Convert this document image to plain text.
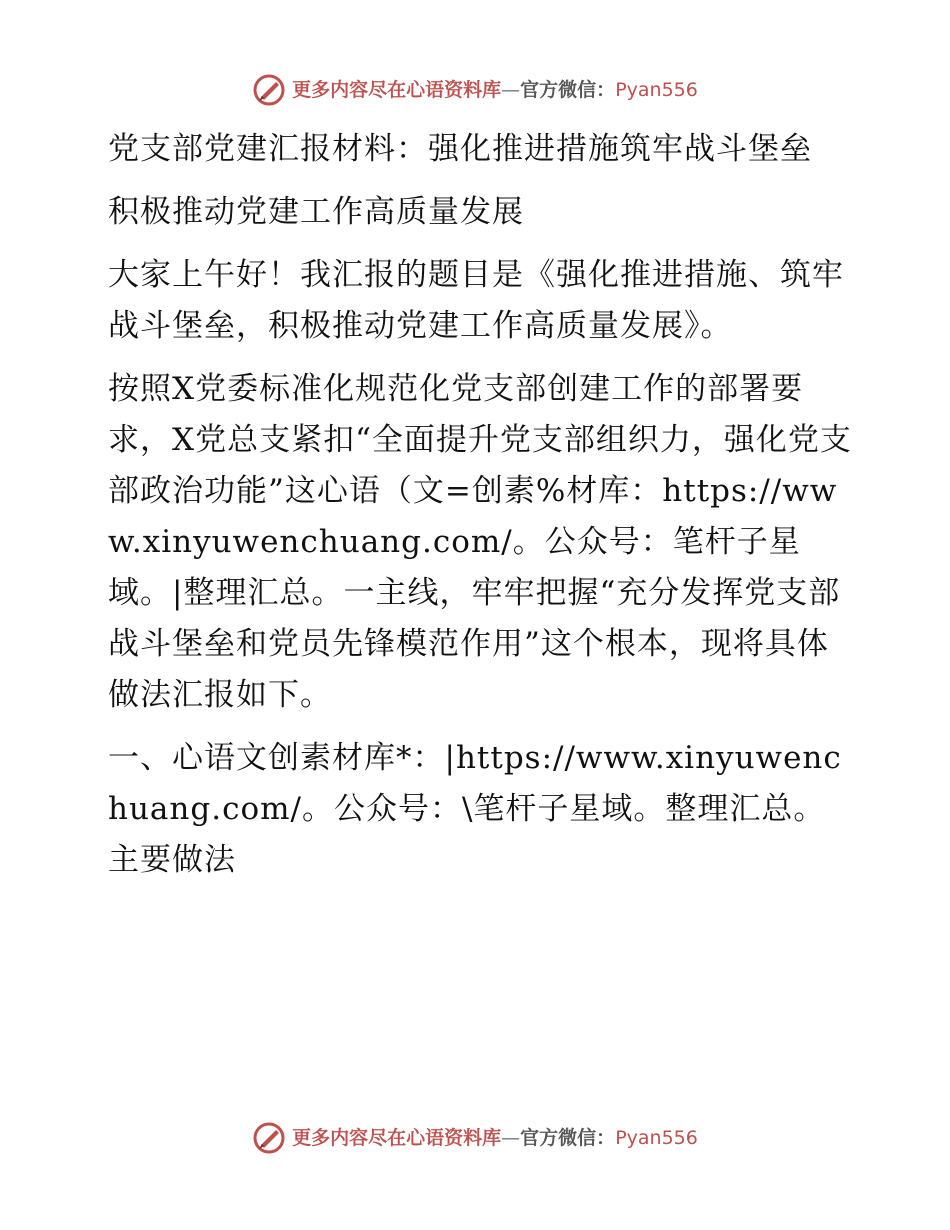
更多内容尽在心语资料库 — 官方微信： Pyan556

党支部党建汇报材料：强化推进措施筑牢战斗堡垒

积极推动党建工作高质量发展

大家上午好！我汇报的题目是《强化推进措施、筑牢战斗堡垒，积极推动党建工作高质量发展》。

按照X党委标准化规范化党支部创建工作的部署要求，X党总支紧扣“全面提升党支部组织力，强化党支部政治功能”这心语（文=创素%材库：https://www.xinyuwenchuang.com/。公众号：笔杆子星域。|整理汇总。一主线，牢牢把握“充分发挥党支部战斗堡垒和党员先锋模范作用”这个根本，现将具体做法汇报如下。

一、心语文创素材库*：|https://www.xinyuwenchuang.com/。公众号：\笔杆子星域。整理汇总。主要做法

更多内容尽在心语资料库 — 官方微信： Pyan556
